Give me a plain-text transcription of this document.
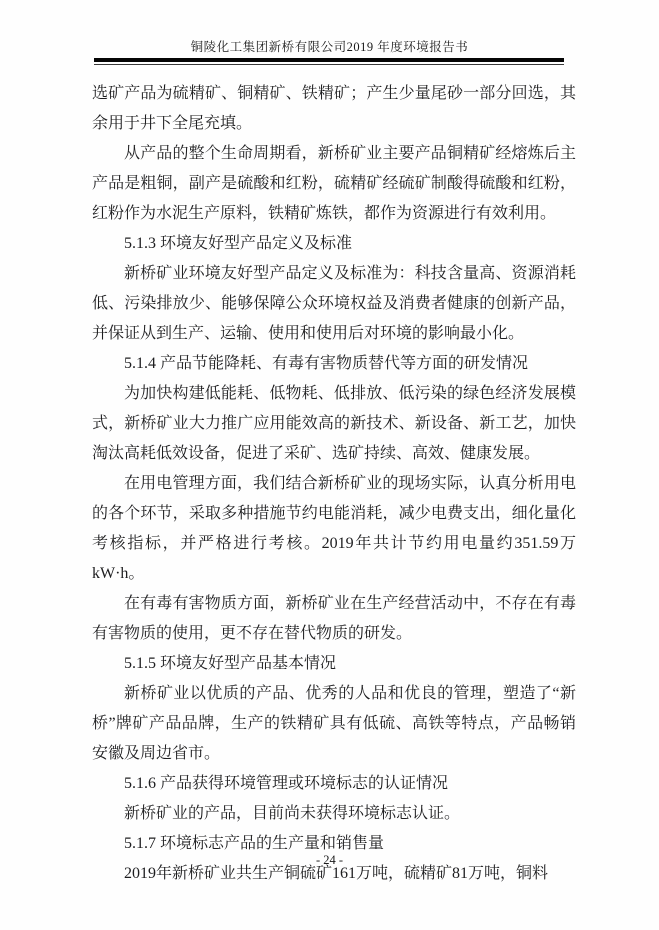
铜陵化工集团新桥有限公司2019 年度环境报告书

选矿产品为硫精矿、铜精矿、铁精矿；产生少量尾砂一部分回选，其余用于井下全尾充填。

从产品的整个生命周期看，新桥矿业主要产品铜精矿经熔炼后主产品是粗铜，副产是硫酸和红粉，硫精矿经硫矿制酸得硫酸和红粉，红粉作为水泥生产原料，铁精矿炼铁，都作为资源进行有效利用。

5.1.3 环境友好型产品定义及标准

新桥矿业环境友好型产品定义及标准为：科技含量高、资源消耗低、污染排放少、能够保障公众环境权益及消费者健康的创新产品，并保证从到生产、运输、使用和使用后对环境的影响最小化。

5.1.4 产品节能降耗、有毒有害物质替代等方面的研发情况

为加快构建低能耗、低物耗、低排放、低污染的绿色经济发展模式，新桥矿业大力推广应用能效高的新技术、新设备、新工艺，加快淘汰高耗低效设备，促进了采矿、选矿持续、高效、健康发展。

在用电管理方面，我们结合新桥矿业的现场实际，认真分析用电的各个环节，采取多种措施节约电能消耗，减少电费支出，细化量化考核指标，并严格进行考核。2019年共计节约用电量约351.59万kW·h。

在有毒有害物质方面，新桥矿业在生产经营活动中，不存在有毒有害物质的使用，更不存在替代物质的研发。

5.1.5 环境友好型产品基本情况

新桥矿业以优质的产品、优秀的人品和优良的管理，塑造了“新桥”牌矿产品品牌，生产的铁精矿具有低硫、高铁等特点，产品畅销安徽及周边省市。

5.1.6 产品获得环境管理或环境标志的认证情况

新桥矿业的产品，目前尚未获得环境标志认证。

5.1.7 环境标志产品的生产量和销售量

2019年新桥矿业共生产铜硫矿161万吨，硫精矿81万吨，铜料

- 24 -
